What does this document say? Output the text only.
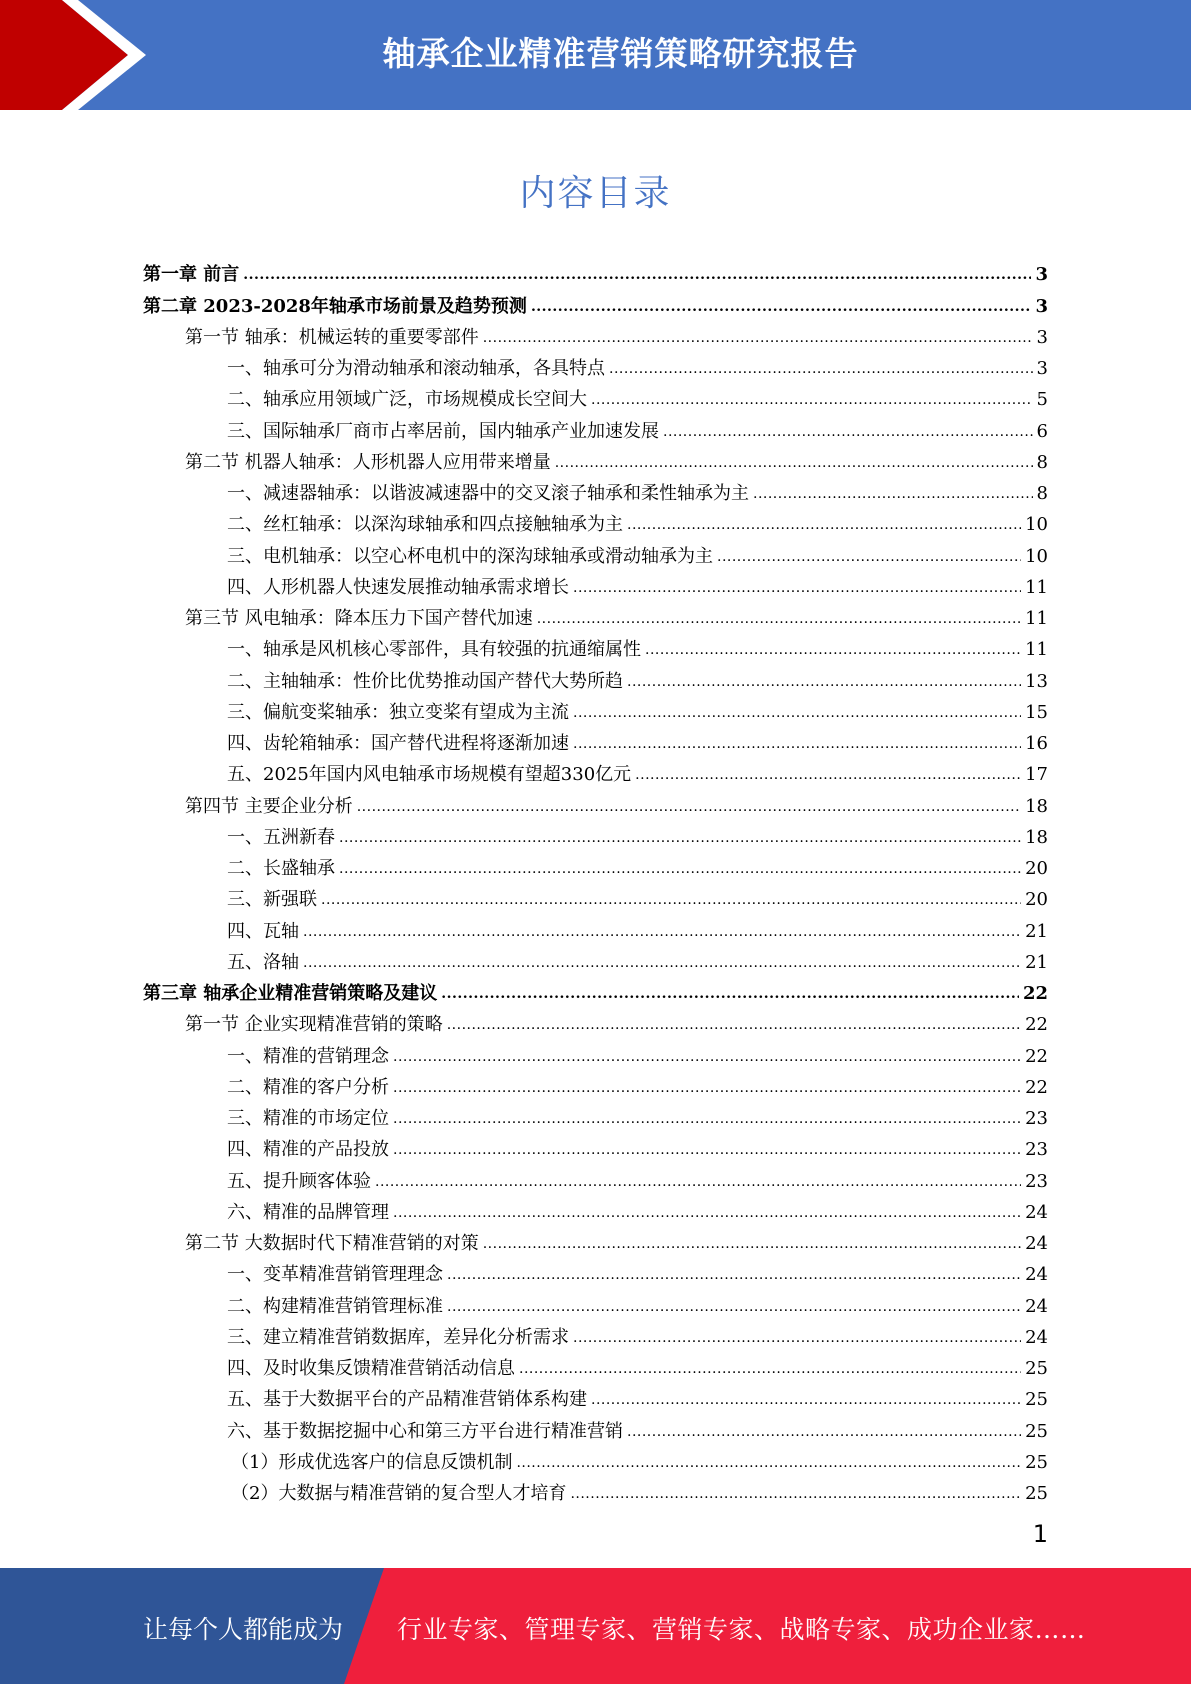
轴承企业精准营销策略研究报告
内容目录
第一章 前言 .....	3
第二章 2023-2028年轴承市场前景及趋势预测 .....	3
第一节 轴承：机械运转的重要零部件 .....	3
一、轴承可分为滑动轴承和滚动轴承，各具特点 .....	3
二、轴承应用领域广泛，市场规模成长空间大 .....	5
三、国际轴承厂商市占率居前，国内轴承产业加速发展 .....	6
第二节 机器人轴承：人形机器人应用带来增量 .....	8
一、减速器轴承：以谐波减速器中的交叉滚子轴承和柔性轴承为主 .....	8
二、丝杠轴承：以深沟球轴承和四点接触轴承为主 .....	10
三、电机轴承：以空心杯电机中的深沟球轴承或滑动轴承为主 .....	10
四、人形机器人快速发展推动轴承需求增长 .....	11
第三节 风电轴承：降本压力下国产替代加速 .....	11
一、轴承是风机核心零部件，具有较强的抗通缩属性 .....	11
二、主轴轴承：性价比优势推动国产替代大势所趋 .....	13
三、偏航变桨轴承：独立变桨有望成为主流 .....	15
四、齿轮箱轴承：国产替代进程将逐渐加速 .....	16
五、2025年国内风电轴承市场规模有望超330亿元 .....	17
第四节 主要企业分析 .....	18
一、五洲新春 .....	18
二、长盛轴承 .....	20
三、新强联 .....	20
四、瓦轴 .....	21
五、洛轴 .....	21
第三章 轴承企业精准营销策略及建议 .....	22
第一节 企业实现精准营销的策略 .....	22
一、精准的营销理念 .....	22
二、精准的客户分析 .....	22
三、精准的市场定位 .....	23
四、精准的产品投放 .....	23
五、提升顾客体验 .....	23
六、精准的品牌管理 .....	24
第二节 大数据时代下精准营销的对策 .....	24
一、变革精准营销管理理念 .....	24
二、构建精准营销管理标准 .....	24
三、建立精准营销数据库，差异化分析需求 .....	24
四、及时收集反馈精准营销活动信息 .....	25
五、基于大数据平台的产品精准营销体系构建 .....	25
六、基于数据挖掘中心和第三方平台进行精准营销 .....	25
（1）形成优选客户的信息反馈机制 .....	25
（2）大数据与精准营销的复合型人才培育 .....	25
1
让每个人都能成为 行业专家、管理专家、营销专家、战略专家、成功企业家……
